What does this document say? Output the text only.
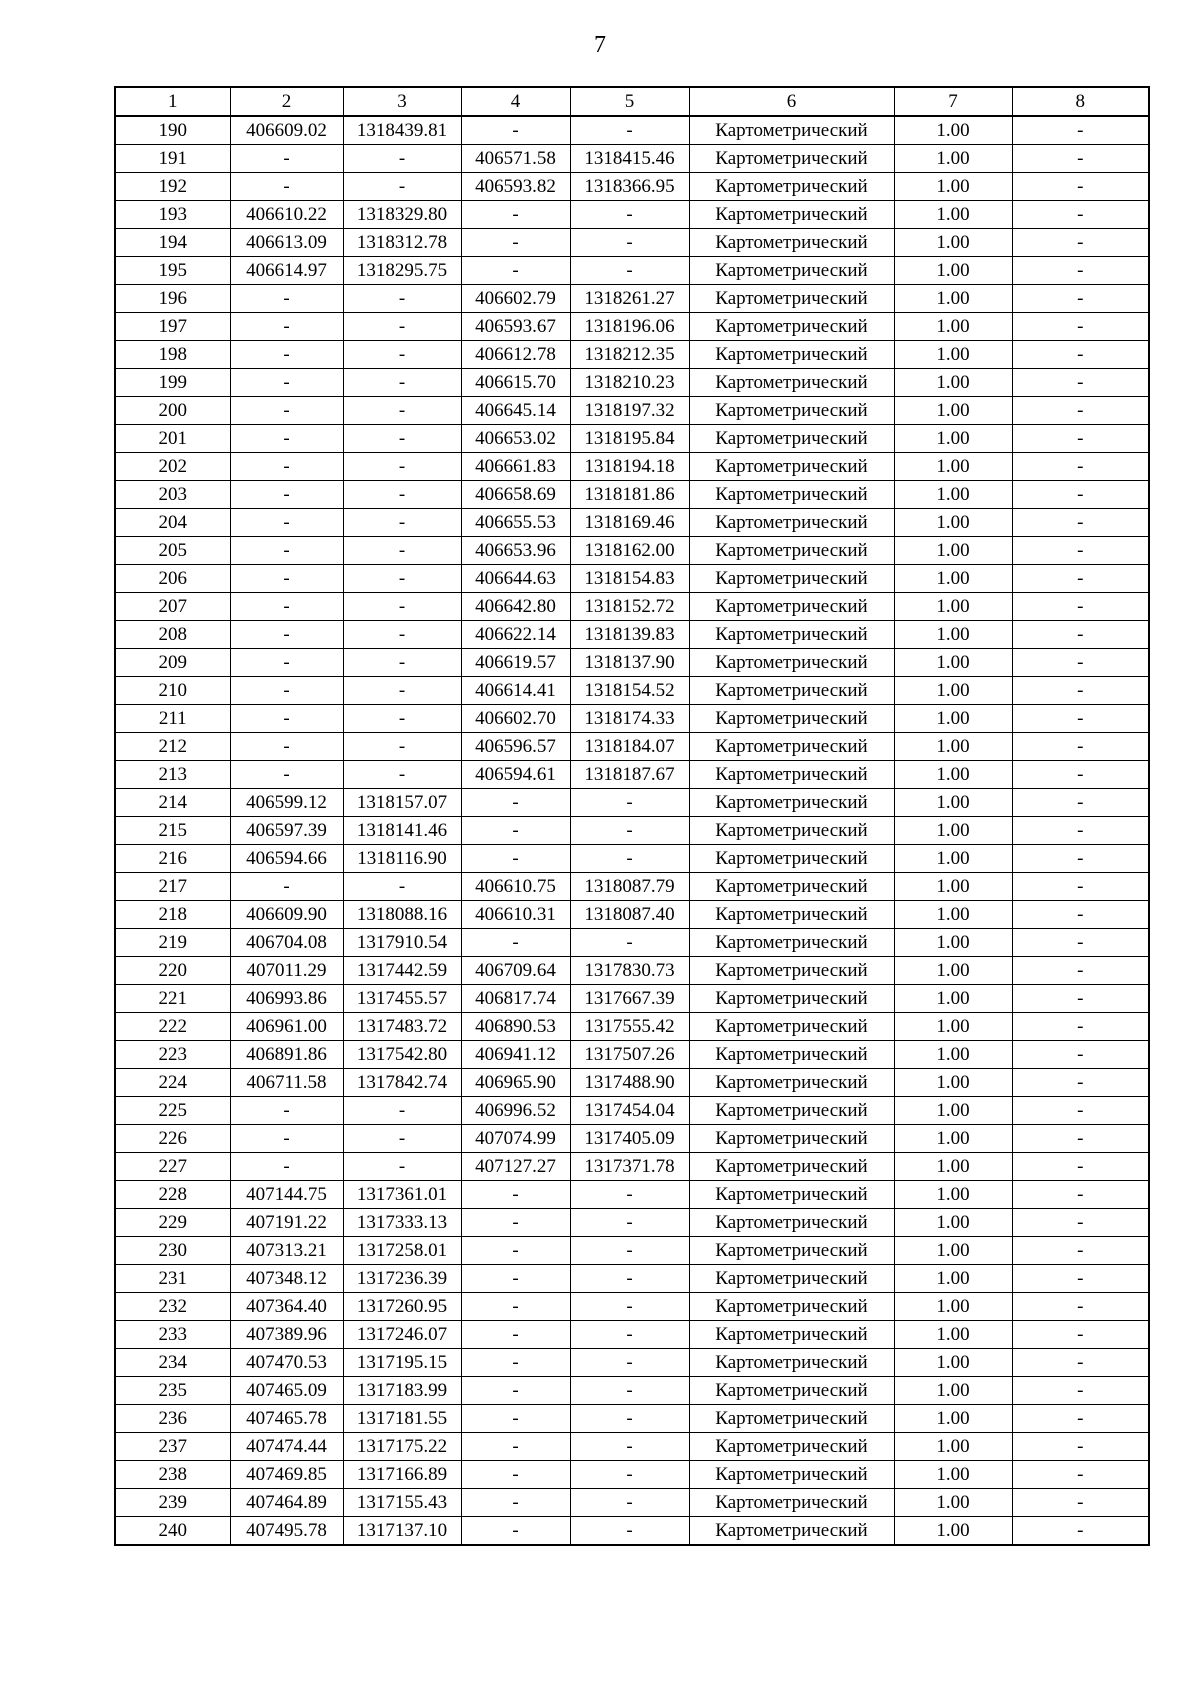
7
1	2	3	4	5	6	7	8
190	406609.02	1318439.81	-	-	Картометрический	1.00	-
191	-	-	406571.58	1318415.46	Картометрический	1.00	-
192	-	-	406593.82	1318366.95	Картометрический	1.00	-
193	406610.22	1318329.80	-	-	Картометрический	1.00	-
194	406613.09	1318312.78	-	-	Картометрический	1.00	-
195	406614.97	1318295.75	-	-	Картометрический	1.00	-
196	-	-	406602.79	1318261.27	Картометрический	1.00	-
197	-	-	406593.67	1318196.06	Картометрический	1.00	-
198	-	-	406612.78	1318212.35	Картометрический	1.00	-
199	-	-	406615.70	1318210.23	Картометрический	1.00	-
200	-	-	406645.14	1318197.32	Картометрический	1.00	-
201	-	-	406653.02	1318195.84	Картометрический	1.00	-
202	-	-	406661.83	1318194.18	Картометрический	1.00	-
203	-	-	406658.69	1318181.86	Картометрический	1.00	-
204	-	-	406655.53	1318169.46	Картометрический	1.00	-
205	-	-	406653.96	1318162.00	Картометрический	1.00	-
206	-	-	406644.63	1318154.83	Картометрический	1.00	-
207	-	-	406642.80	1318152.72	Картометрический	1.00	-
208	-	-	406622.14	1318139.83	Картометрический	1.00	-
209	-	-	406619.57	1318137.90	Картометрический	1.00	-
210	-	-	406614.41	1318154.52	Картометрический	1.00	-
211	-	-	406602.70	1318174.33	Картометрический	1.00	-
212	-	-	406596.57	1318184.07	Картометрический	1.00	-
213	-	-	406594.61	1318187.67	Картометрический	1.00	-
214	406599.12	1318157.07	-	-	Картометрический	1.00	-
215	406597.39	1318141.46	-	-	Картометрический	1.00	-
216	406594.66	1318116.90	-	-	Картометрический	1.00	-
217	-	-	406610.75	1318087.79	Картометрический	1.00	-
218	406609.90	1318088.16	406610.31	1318087.40	Картометрический	1.00	-
219	406704.08	1317910.54	-	-	Картометрический	1.00	-
220	407011.29	1317442.59	406709.64	1317830.73	Картометрический	1.00	-
221	406993.86	1317455.57	406817.74	1317667.39	Картометрический	1.00	-
222	406961.00	1317483.72	406890.53	1317555.42	Картометрический	1.00	-
223	406891.86	1317542.80	406941.12	1317507.26	Картометрический	1.00	-
224	406711.58	1317842.74	406965.90	1317488.90	Картометрический	1.00	-
225	-	-	406996.52	1317454.04	Картометрический	1.00	-
226	-	-	407074.99	1317405.09	Картометрический	1.00	-
227	-	-	407127.27	1317371.78	Картометрический	1.00	-
228	407144.75	1317361.01	-	-	Картометрический	1.00	-
229	407191.22	1317333.13	-	-	Картометрический	1.00	-
230	407313.21	1317258.01	-	-	Картометрический	1.00	-
231	407348.12	1317236.39	-	-	Картометрический	1.00	-
232	407364.40	1317260.95	-	-	Картометрический	1.00	-
233	407389.96	1317246.07	-	-	Картометрический	1.00	-
234	407470.53	1317195.15	-	-	Картометрический	1.00	-
235	407465.09	1317183.99	-	-	Картометрический	1.00	-
236	407465.78	1317181.55	-	-	Картометрический	1.00	-
237	407474.44	1317175.22	-	-	Картометрический	1.00	-
238	407469.85	1317166.89	-	-	Картометрический	1.00	-
239	407464.89	1317155.43	-	-	Картометрический	1.00	-
240	407495.78	1317137.10	-	-	Картометрический	1.00	-
